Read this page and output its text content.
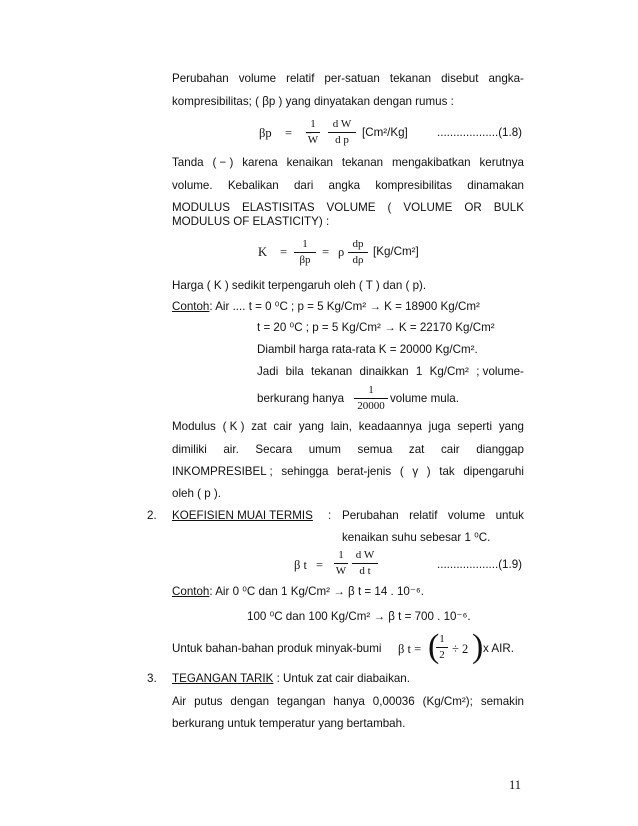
Perubahan volume relatif per-satuan tekanan disebut angka-
kompresibilitas; ( βp ) yang dinyatakan dengan rumus :
βp = −
$\frac{1}{W} \frac{\text{d W}}{\text{d p}} [Cm^2/Kg]$	...................(1.8)
Tanda ( − ) karena kenaikan tekanan mengakibatkan kerutnya
volume. Kebalikan dari angka kompresibilitas dinamakan
MODULUS ELASTISITAS VOLUME ( VOLUME OR BULK
MODULUS OF ELASTICITY) :
$K = \frac{1}{\beta p} = \rho \frac{dp}{d\rho} [Kg/Cm^2]$
Harga ( K ) sedikit terpengaruh oleh ( T ) dan ( p).
Contoh: Air .... t = 0 ⁰C ; p = 5 Kg/Cm² → K = 18900 Kg/Cm²
t = 20 ⁰C ; p = 5 Kg/Cm² → K = 22170 Kg/Cm²
Diambil harga rata-rata K = 20000 Kg/Cm².
Jadi bila tekanan dinaikkan 1 Kg/Cm² ; volume-
berkurang hanya $\frac{1}{20000}$ volume mula.
Modulus ( K ) zat cair yang lain, keadaannya juga seperti yang
dimiliki air. Secara umum semua zat cair dianggap
INKOMPRESIBEL ; sehingga berat-jenis ( γ ) tak dipengaruhi
oleh ( p ).
2. KOEFISIEN MUAI TERMIS : Perubahan relatif volume untuk
kenaikan suhu sebesar 1 ⁰C.
β $t = \frac{1}{W} \frac{\text{d W}}{\text{d t}}$	...................(1.9)
Contoh: Air 0 ⁰C dan 1 Kg/Cm² → β t = 14 . 10⁻⁶.
100 ⁰C dan 100 Kg/Cm² → β t = 700 . 10⁻⁶.
Untuk bahan-bahan produk minyak-bumi β t = (
$\frac{1}{2} \div 2$ ) x AIR.
3. TEGANGAN TARIK : Untuk zat cair diabaikan.
Air putus dengan tegangan hanya 0,00036 (Kg/Cm²); semakin
berkurang untuk temperatur yang bertambah.
11
